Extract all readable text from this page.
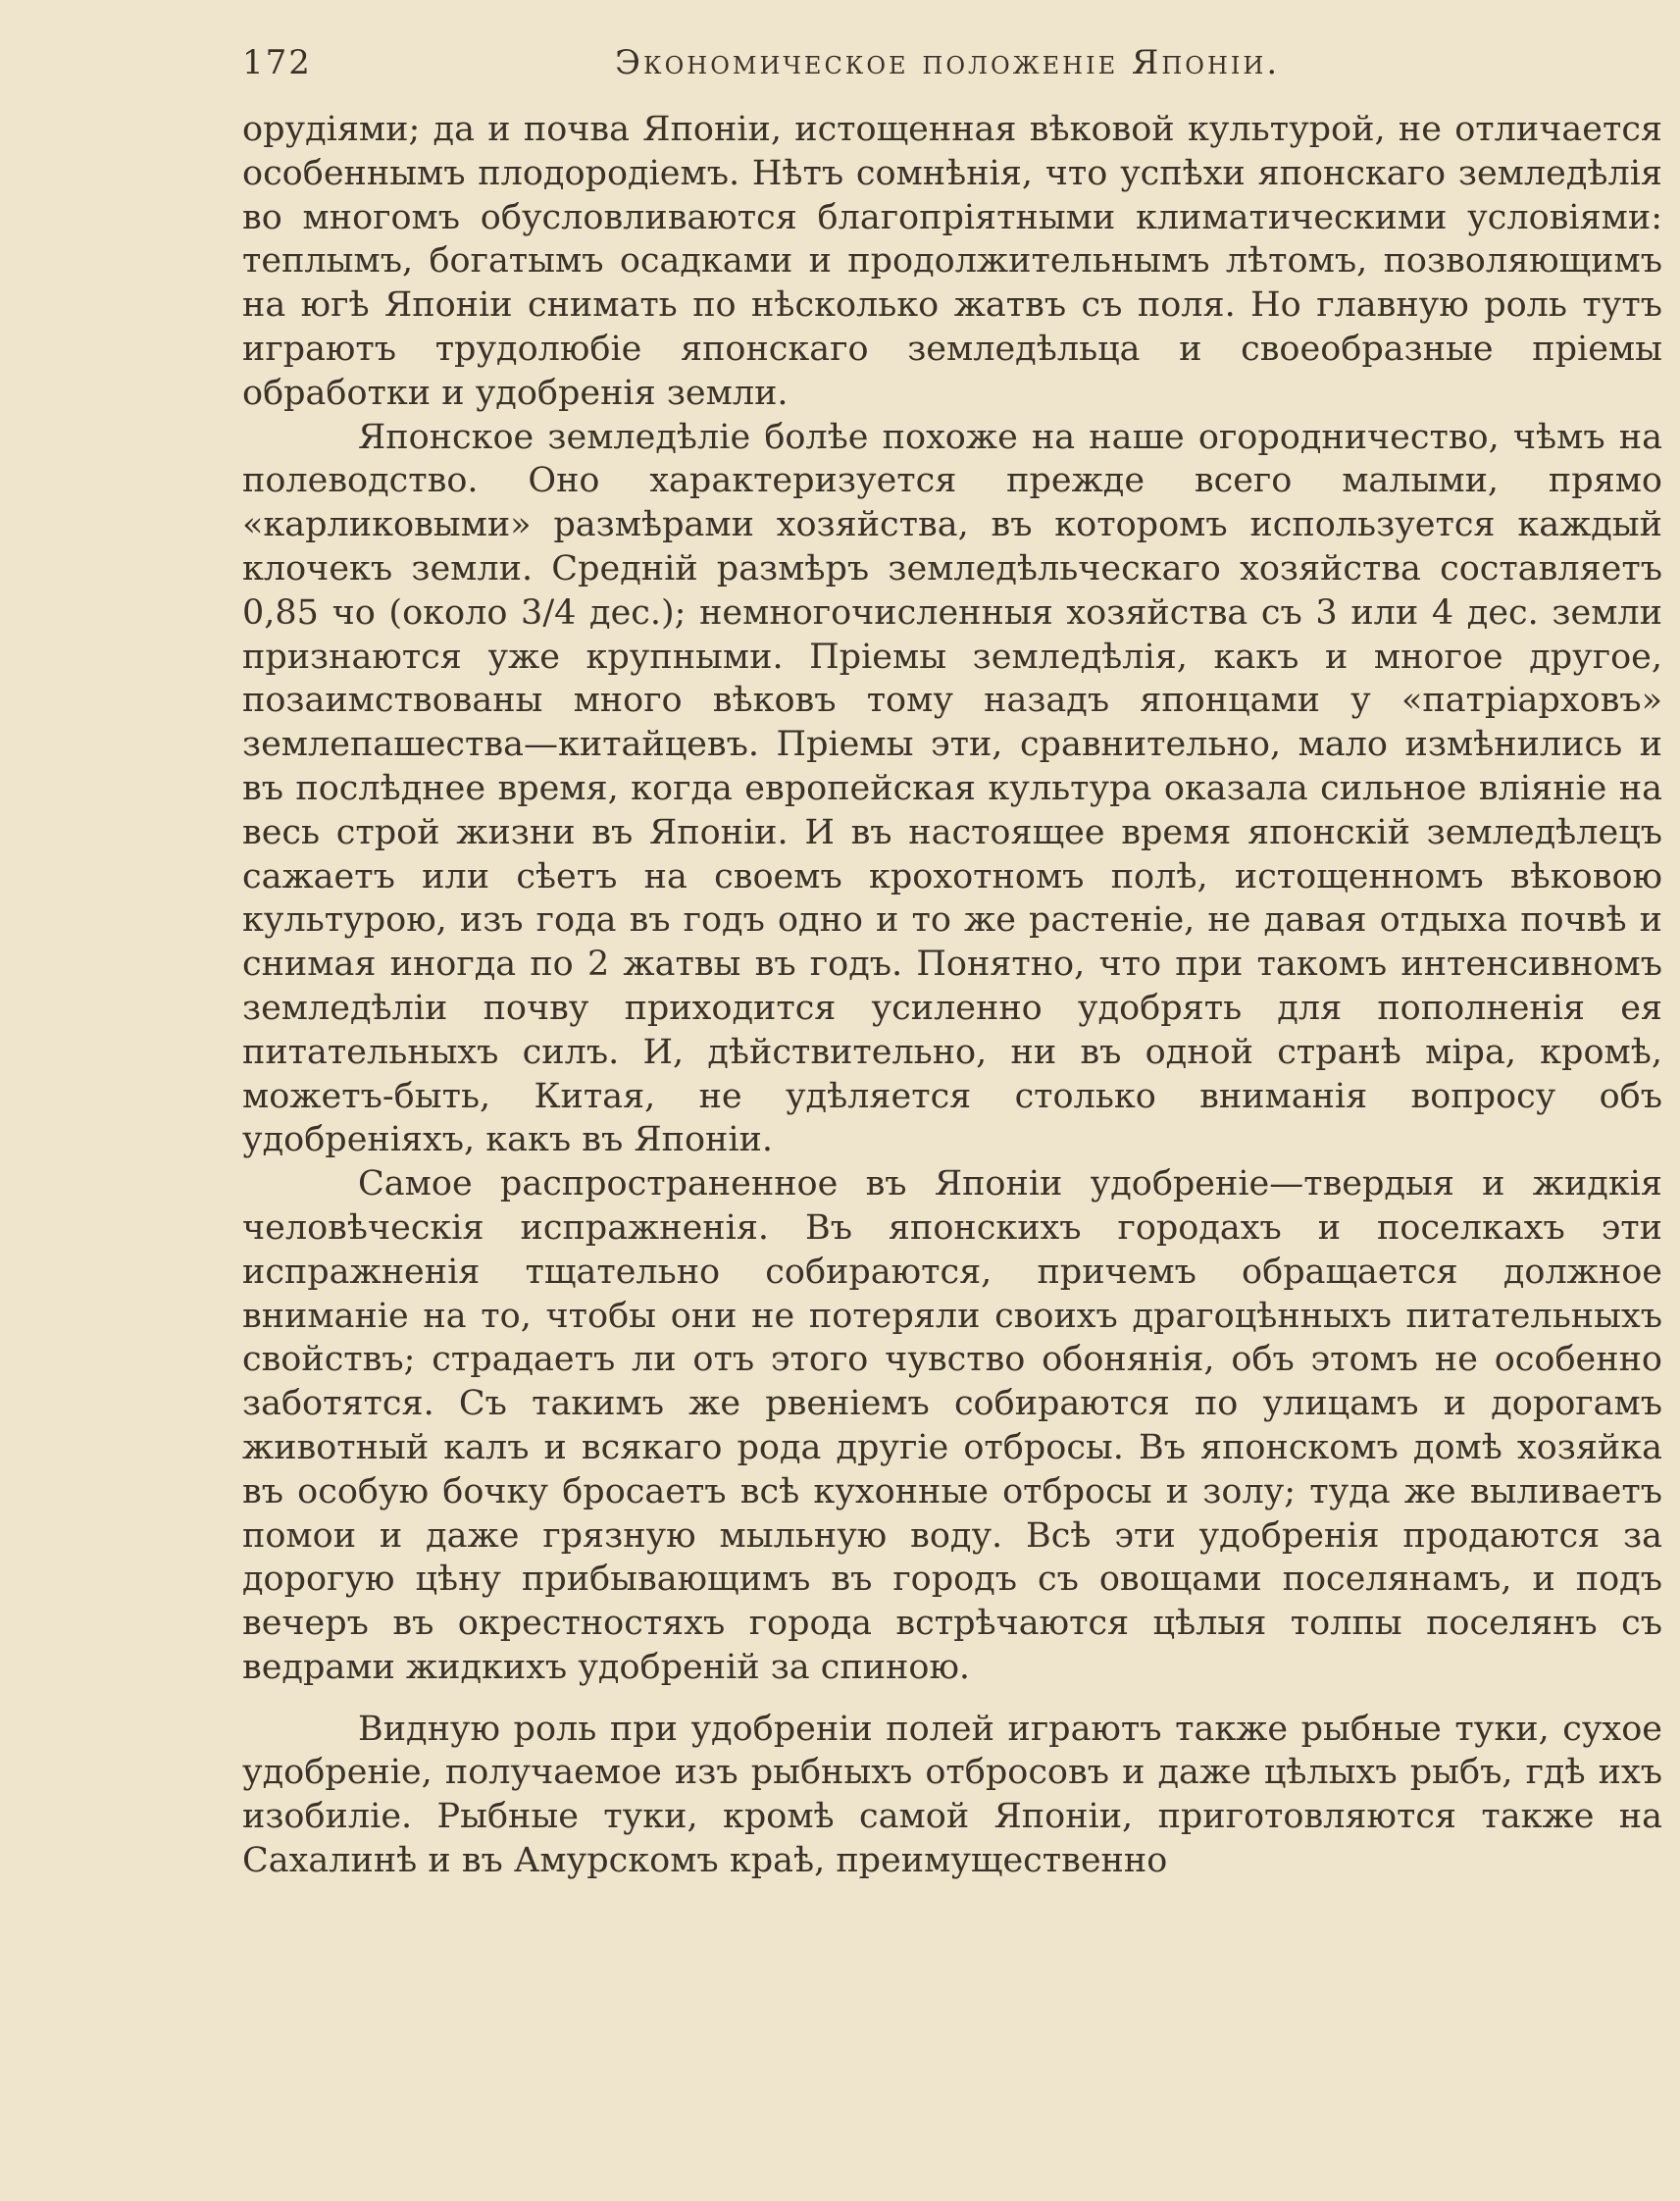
172	Экономическое положеніе Японіи.

орудіями; да и почва Японіи, истощенная вѣковой культурой, не отличается особеннымъ плодородіемъ. Нѣтъ сомнѣнія, что успѣхи японскаго земледѣлія во многомъ обусловливаются благопріятными климатическими условіями: теплымъ, богатымъ осадками и продолжительнымъ лѣтомъ, позволяющимъ на югѣ Японіи снимать по нѣсколько жатвъ съ поля. Но главную роль тутъ играютъ трудолюбіе японскаго земледѣльца и своеобразные пріемы обработки и удобренія земли.

Японское земледѣліе болѣе похоже на наше огородничество, чѣмъ на полеводство. Оно характеризуется прежде всего малыми, прямо «карликовыми» размѣрами хозяйства, въ которомъ используется каждый клочекъ земли. Средній размѣръ земледѣльческаго хозяйства составляетъ 0,85 чо (около 3/4 дес.); немногочисленныя хозяйства съ 3 или 4 дес. земли признаются уже крупными. Пріемы земледѣлія, какъ и многое другое, позаимствованы много вѣковъ тому назадъ японцами у «патріарховъ» землепашества—китайцевъ. Пріемы эти, сравнительно, мало измѣнились и въ послѣднее время, когда европейская культура оказала сильное вліяніе на весь строй жизни въ Японіи. И въ настоящее время японскій земледѣлецъ сажаетъ или сѣетъ на своемъ крохотномъ полѣ, истощенномъ вѣковою культурою, изъ года въ годъ одно и то же растеніе, не давая отдыха почвѣ и снимая иногда по 2 жатвы въ годъ. Понятно, что при такомъ интенсивномъ земледѣліи почву приходится усиленно удобрять для пополненія ея питательныхъ силъ. И, дѣйствительно, ни въ одной странѣ міра, кромѣ, можетъ-быть, Китая, не удѣляется столько вниманія вопросу объ удобреніяхъ, какъ въ Японіи.

Самое распространенное въ Японіи удобреніе—твердыя и жидкія человѣческія испражненія. Въ японскихъ городахъ и поселкахъ эти испражненія тщательно собираются, причемъ обращается должное вниманіе на то, чтобы они не потеряли своихъ драгоцѣнныхъ питательныхъ свойствъ; страдаетъ ли отъ этого чувство обонянія, объ этомъ не особенно заботятся. Съ такимъ же рвеніемъ собираются по улицамъ и дорогамъ животный калъ и всякаго рода другіе отбросы. Въ японскомъ домѣ хозяйка въ особую бочку бросаетъ всѣ кухонные отбросы и золу; туда же выливаетъ помои и даже грязную мыльную воду. Всѣ эти удобренія продаются за дорогую цѣну прибывающимъ въ городъ съ овощами поселянамъ, и подъ вечеръ въ окрестностяхъ города встрѣчаются цѣлыя толпы поселянъ съ ведрами жидкихъ удобреній за спиною.

Видную роль при удобреніи полей играютъ также рыбные туки, сухое удобреніе, получаемое изъ рыбныхъ отбросовъ и даже цѣлыхъ рыбъ, гдѣ ихъ изобиліе. Рыбные туки, кромѣ самой Японіи, приготовляются также на Сахалинѣ и въ Амурскомъ краѣ, преимущественно
